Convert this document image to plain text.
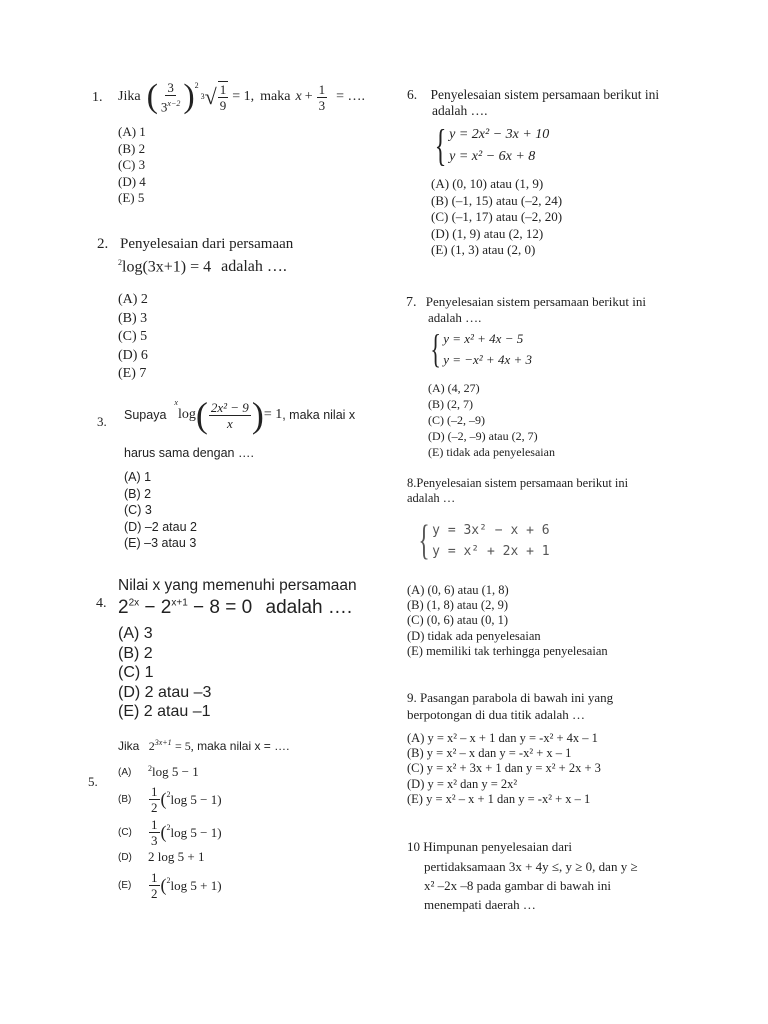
1. Jika ( $\frac{3}{3^{x-2}} )^2$
$_3$ √ $\frac{1}{9} = 1$, maka $x + \frac{1}{3}$ = ….
(A) 1
(B) 2
(C) 3
(D) 4
(E) 5
2. Penyelesaian dari persamaan
$^2$log(3x+1) = 4 adalah ….
(A) 2
(B) 3
(C) 5
(D) 6
(E) 7
3. Supaya
x
log ( $\frac{\text{2x² − 9}}{x}$ ) = 1 , maka nilai x
harus sama dengan ….
(A) 1
(B) 2
(C) 3
(D) –2 atau 2
(E) –3 atau 3
Nilai x yang memenuhi persamaan
4. $2^{2x} - 2^{x+1} - 8 = 0$ adalah ….
(A) 3
(B) 2
(C) 1
(D) 2 atau –3
(E) 2 atau –1
Jika $2^{3x+1} = 5$, maka nilai x = ….
5.
(A)	$^2$ log 5 − 1
(B)	$\frac{1}{2} (^2$ log 5 − 1)
(C)	$\frac{1}{3} (^2$ log 5 − 1)
(D)	2 log 5 + 1
(E)	$\frac{1}{2} (^2$ log 5 + 1)
6. Penyelesaian sistem persamaan berikut ini
adalah ….
{ y = 2x² − 3x + 10
y = x² − 6x + 8
(A) (0, 10) atau (1, 9)
(B) (–1, 15) atau (–2, 24)
(C) (–1, 17) atau (–2, 20)
(D) (1, 9) atau (2, 12)
(E) (1, 3) atau (2, 0)
7. Penyelesaian sistem persamaan berikut ini
adalah ….
{ y = x² + 4x − 5
y = −x² + 4x + 3
(A) (4, 27)
(B) (2, 7)
(C) (–2, –9)
(D) (–2, –9) atau (2, 7)
(E) tidak ada penyelesaian
8.Penyelesaian sistem persamaan berikut ini
adalah …
{ y = 3x² − x + 6
y = x² + 2x + 1
(A) (0, 6) atau (1, 8)
(B) (1, 8) atau (2, 9)
(C) (0, 6) atau (0, 1)
(D) tidak ada penyelesaian
(E) memiliki tak terhingga penyelesaian
9. Pasangan parabola di bawah ini yang
berpotongan di dua titik adalah …
(A) y = x² – x + 1 dan y = -x² + 4x – 1
(B) y = x² – x dan y = -x² + x – 1
(C) y = x² + 3x + 1 dan y = x² + 2x + 3
(D) y = x² dan y = 2x²
(E) y = x² – x + 1 dan y = -x² + x – 1
10 Himpunan penyelesaian dari
pertidaksamaan 3x + 4y ≤, y ≥ 0, dan y ≥
x² –2x –8 pada gambar di bawah ini
menempati daerah …
